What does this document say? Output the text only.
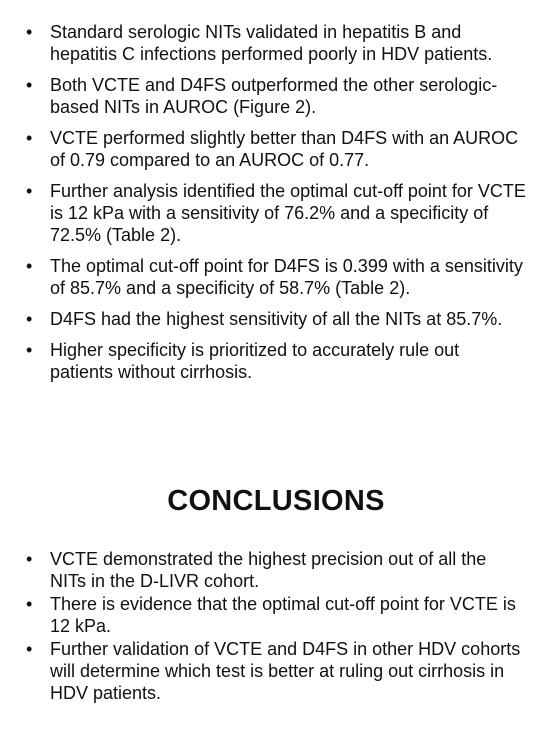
• Standard serologic NITs validated in hepatitis B and hepatitis C infections performed poorly in HDV patients.
• Both VCTE and D4FS outperformed the other serologic-based NITs in AUROC (Figure 2).
• VCTE performed slightly better than D4FS with an AUROC of 0.79 compared to an AUROC of 0.77.
• Further analysis identified the optimal cut-off point for VCTE is 12 kPa with a sensitivity of 76.2% and a specificity of 72.5% (Table 2).
• The optimal cut-off point for D4FS is 0.399 with a sensitivity of 85.7% and a specificity of 58.7% (Table 2).
• D4FS had the highest sensitivity of all the NITs at 85.7%.
• Higher specificity is prioritized to accurately rule out patients without cirrhosis.
CONCLUSIONS
• VCTE demonstrated the highest precision out of all the NITs in the D-LIVR cohort.
• There is evidence that the optimal cut-off point for VCTE is 12 kPa.
• Further validation of VCTE and D4FS in other HDV cohorts will determine which test is better at ruling out cirrhosis in HDV patients.
